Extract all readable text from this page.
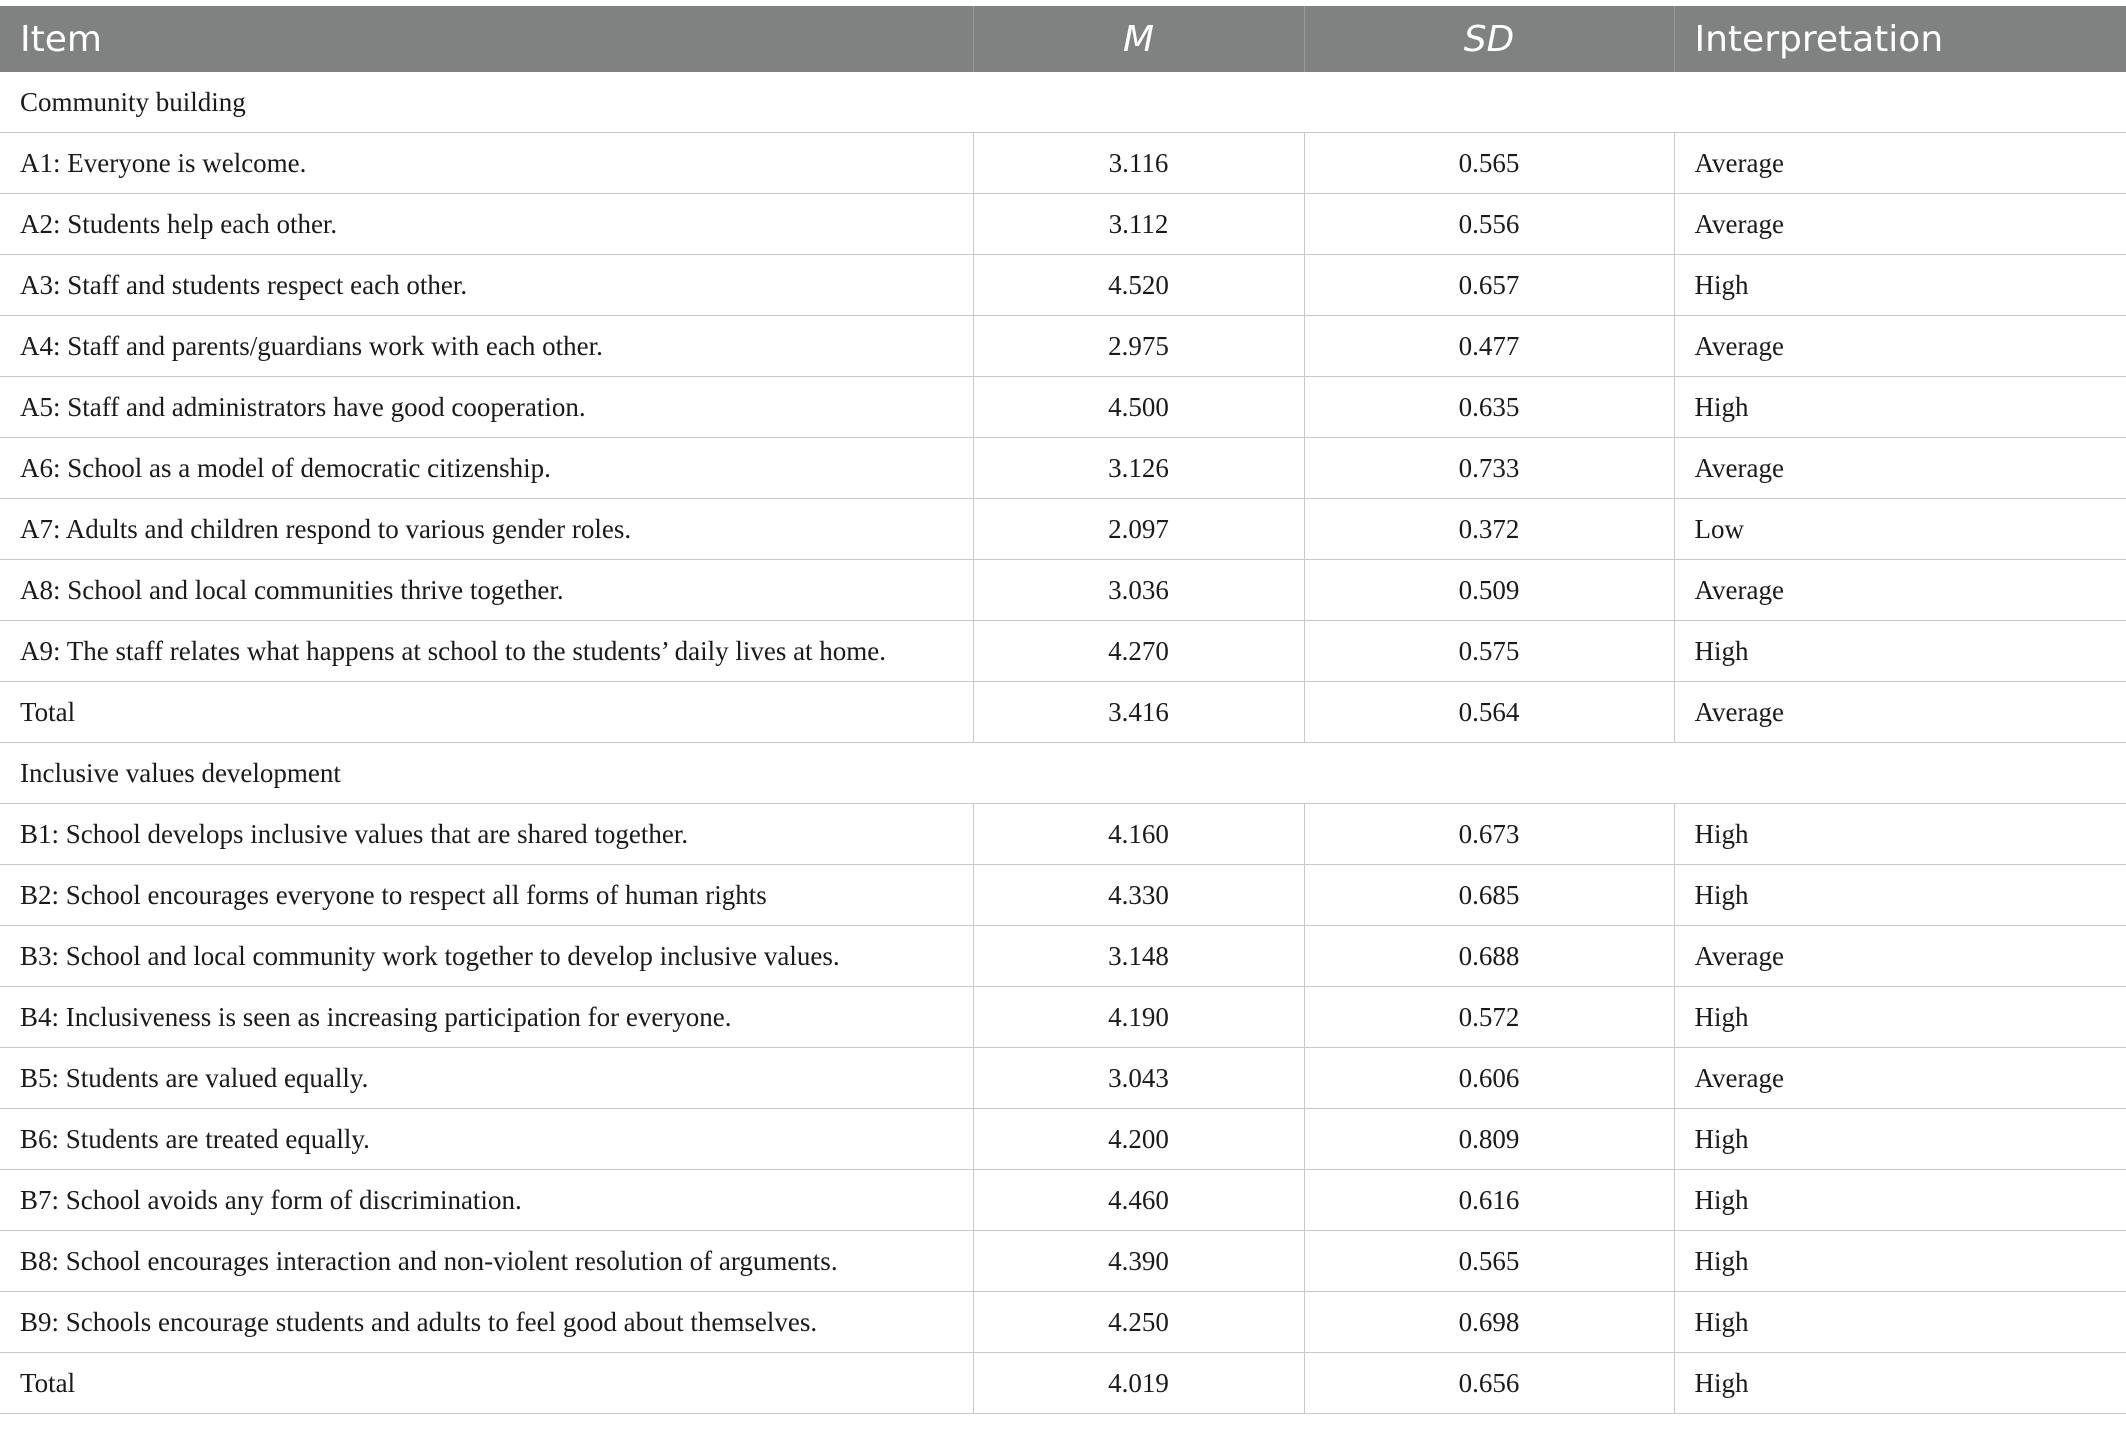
Item	M	SD	Interpretation
Community building			
A1: Everyone is welcome.	3.116	0.565	Average
A2: Students help each other.	3.112	0.556	Average
A3: Staff and students respect each other.	4.520	0.657	High
A4: Staff and parents/guardians work with each other.	2.975	0.477	Average
A5: Staff and administrators have good cooperation.	4.500	0.635	High
A6: School as a model of democratic citizenship.	3.126	0.733	Average
A7: Adults and children respond to various gender roles.	2.097	0.372	Low
A8: School and local communities thrive together.	3.036	0.509	Average
A9: The staff relates what happens at school to the students’ daily lives at home.	4.270	0.575	High
Total	3.416	0.564	Average
Inclusive values development			
B1: School develops inclusive values that are shared together.	4.160	0.673	High
B2: School encourages everyone to respect all forms of human rights	4.330	0.685	High
B3: School and local community work together to develop inclusive values.	3.148	0.688	Average
B4: Inclusiveness is seen as increasing participation for everyone.	4.190	0.572	High
B5: Students are valued equally.	3.043	0.606	Average
B6: Students are treated equally.	4.200	0.809	High
B7: School avoids any form of discrimination.	4.460	0.616	High
B8: School encourages interaction and non-violent resolution of arguments.	4.390	0.565	High
B9: Schools encourage students and adults to feel good about themselves.	4.250	0.698	High
Total	4.019	0.656	High
